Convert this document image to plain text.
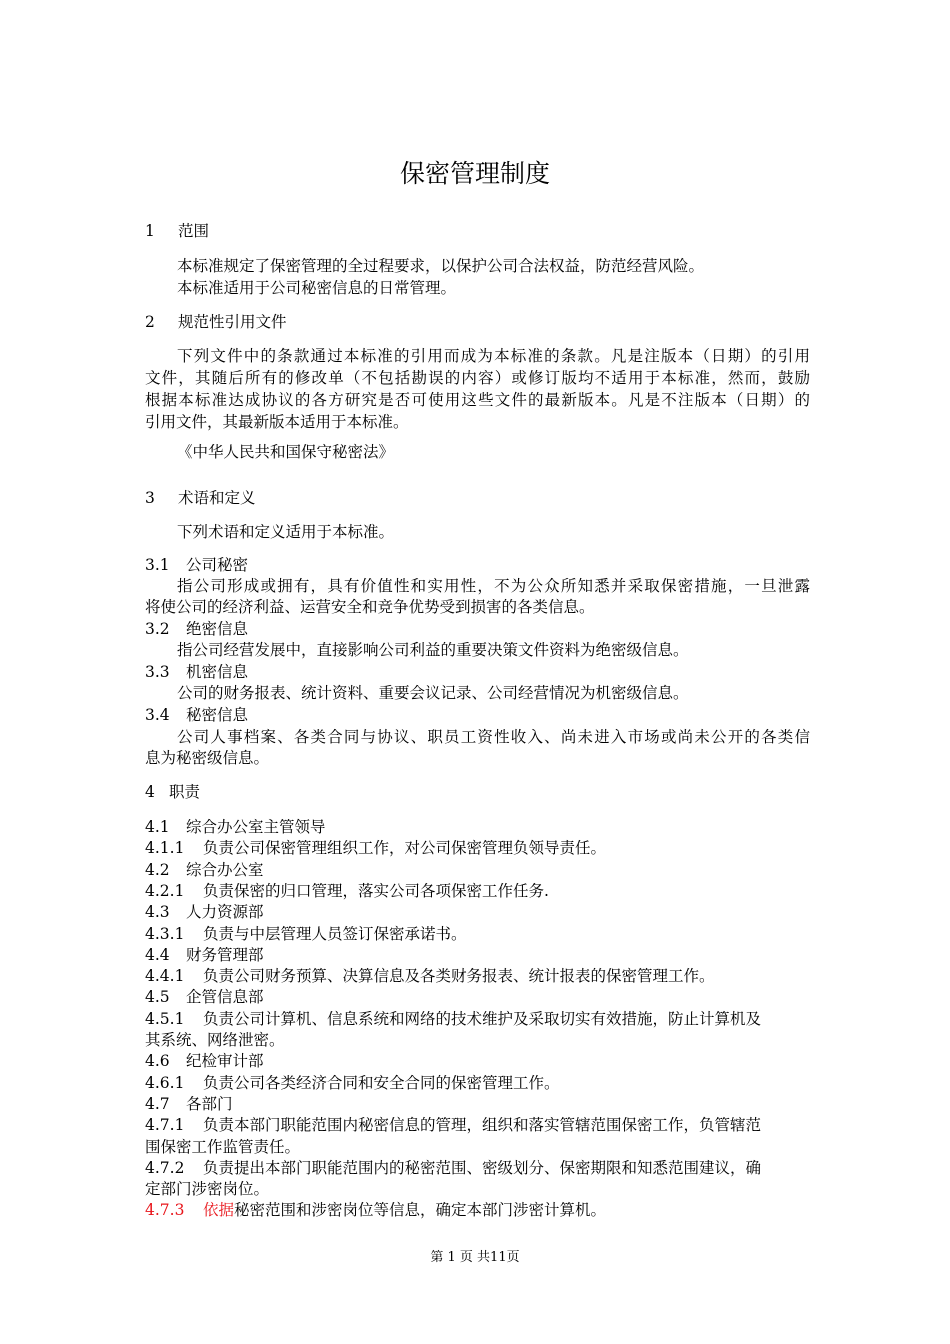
保密管理制度
1 范围
本标准规定了保密管理的全过程要求，以保护公司合法权益，防范经营风险。
本标准适用于公司秘密信息的日常管理。
2 规范性引用文件
下列文件中的条款通过本标准的引用而成为本标准的条款。凡是注版本（日期）的引用
文件，其随后所有的修改单（不包括勘误的内容）或修订版均不适用于本标准，然而，鼓励
根据本标准达成协议的各方研究是否可使用这些文件的最新版本。凡是不注版本（日期）的
引用文件，其最新版本适用于本标准。
《中华人民共和国保守秘密法》
3 术语和定义
下列术语和定义适用于本标准。
3.1 公司秘密
指公司形成或拥有，具有价值性和实用性，不为公众所知悉并采取保密措施，一旦泄露
将使公司的经济利益、运营安全和竞争优势受到损害的各类信息。
3.2 绝密信息
指公司经营发展中，直接影响公司利益的重要决策文件资料为绝密级信息。
3.3 机密信息
公司的财务报表、统计资料、重要会议记录、公司经营情况为机密级信息。
3.4 秘密信息
公司人事档案、各类合同与协议、职员工资性收入、尚未进入市场或尚未公开的各类信
息为秘密级信息。
4 职责
4.1 综合办公室主管领导
4.1.1 负责公司保密管理组织工作，对公司保密管理负领导责任。
4.2 综合办公室
4.2.1 负责保密的归口管理，落实公司各项保密工作任务.
4.3 人力资源部
4.3.1 负责与中层管理人员签订保密承诺书。
4.4 财务管理部
4.4.1 负责公司财务预算、决算信息及各类财务报表、统计报表的保密管理工作。
4.5 企管信息部
4.5.1 负责公司计算机、信息系统和网络的技术维护及采取切实有效措施，防止计算机及
其系统、网络泄密。
4.6 纪检审计部
4.6.1 负责公司各类经济合同和安全合同的保密管理工作。
4.7 各部门
4.7.1 负责本部门职能范围内秘密信息的管理，组织和落实管辖范围保密工作，负管辖范
围保密工作监管责任。
4.7.2 负责提出本部门职能范围内的秘密范围、密级划分、保密期限和知悉范围建议，确
定部门涉密岗位。
4.7.3 依据秘密范围和涉密岗位等信息，确定本部门涉密计算机。
第 1 页 共11页
